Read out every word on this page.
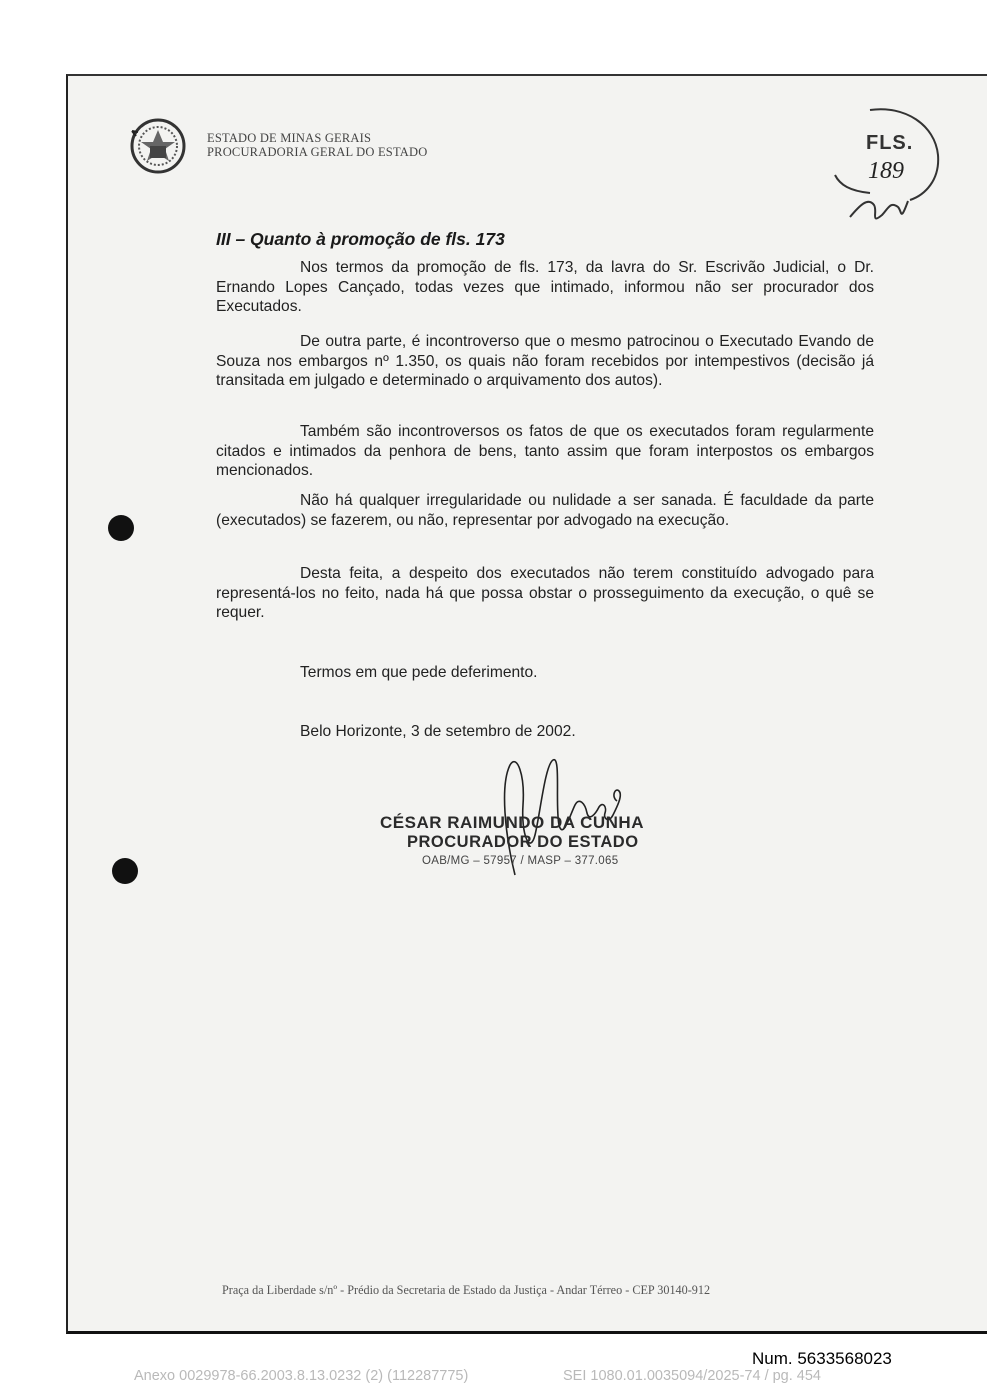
ESTADO DE MINAS GERAIS
PROCURADORIA GERAL DO ESTADO	FLS.
189
III – Quanto à promoção de fls. 173

Nos termos da promoção de fls. 173, da lavra do Sr. Escrivão Judicial, o Dr. Ernando Lopes Cançado, todas vezes que intimado, informou não ser procurador dos Executados.

De outra parte, é incontroverso que o mesmo patrocinou o Executado Evando de Souza nos embargos nº 1.350, os quais não foram recebidos por intempestivos (decisão já transitada em julgado e determinado o arquivamento dos autos).

Também são incontroversos os fatos de que os executados foram regularmente citados e intimados da penhora de bens, tanto assim que foram interpostos os embargos mencionados.

Não há qualquer irregularidade ou nulidade a ser sanada. É faculdade da parte (executados) se fazerem, ou não, representar por advogado na execução.

Desta feita, a despeito dos executados não terem constituído advogado para representá-los no feito, nada há que possa obstar o prosseguimento da execução, o quê se requer.

Termos em que pede deferimento.
Belo Horizonte, 3 de setembro de 2002.
CÉSAR RAIMUNDO DA CUNHA
PROCURADOR DO ESTADO
OAB/MG – 57957 / MASP – 377.065
Praça da Liberdade s/nº - Prédio da Secretaria de Estado da Justiça - Andar Térreo - CEP 30140-912
Num. 5633568023
Anexo 0029978-66.2003.8.13.0232 (2) (112287775)	SEI 1080.01.0035094/2025-74 / pg. 454
